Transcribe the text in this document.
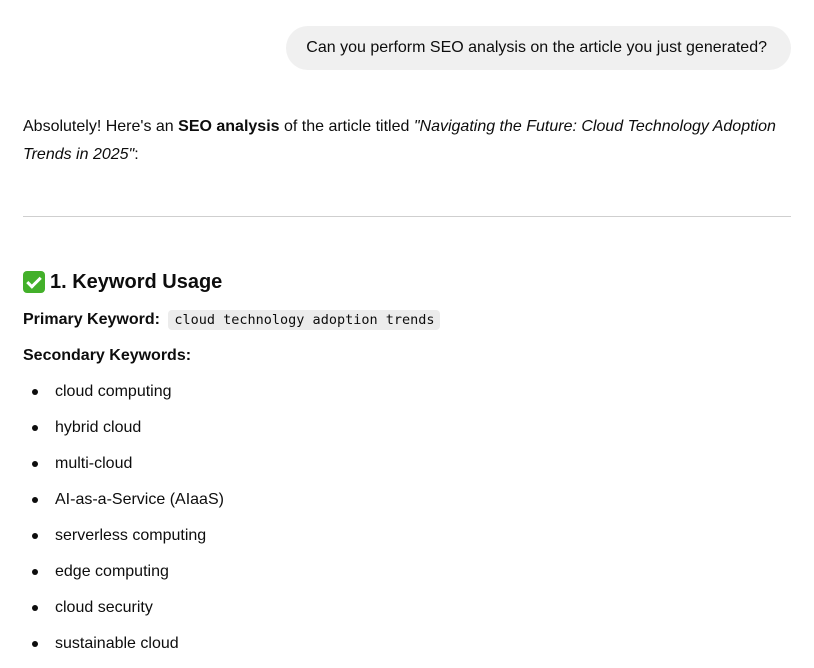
Can you perform SEO analysis on the article you just generated?

Absolutely! Here's an SEO analysis of the article titled "Navigating the Future: Cloud Technology Adoption Trends in 2025":

1. Keyword Usage
Primary Keyword: cloud technology adoption trends
Secondary Keywords:
cloud computing
hybrid cloud
multi-cloud
AI-as-a-Service (AIaaS)
serverless computing
edge computing
cloud security
sustainable cloud
